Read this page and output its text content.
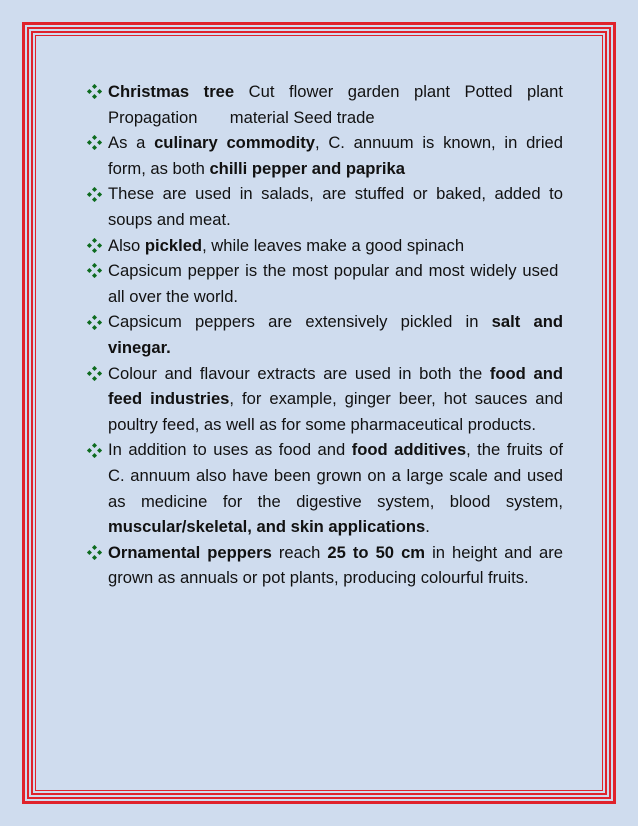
Christmas tree Cut flower garden plant Potted plant Propagation       material Seed trade

As a culinary commodity, C. annuum is known, in dried form, as both chilli pepper and paprika

These are used in salads, are stuffed or baked, added to soups and meat.

Also pickled, while leaves make a good spinach

Capsicum pepper is the most popular and most widely used  all over the world.

Capsicum peppers are extensively pickled in salt and vinegar.

Colour and flavour extracts are used in both the food and feed industries, for example, ginger beer, hot sauces and poultry feed, as well as for some pharmaceutical products.

In addition to uses as food and food additives, the fruits of C. annuum also have been grown on a large scale and used as medicine for the digestive system, blood system, muscular/skeletal, and skin applications.

Ornamental peppers reach 25 to 50 cm in height and are grown as annuals or pot plants, producing colourful fruits.
